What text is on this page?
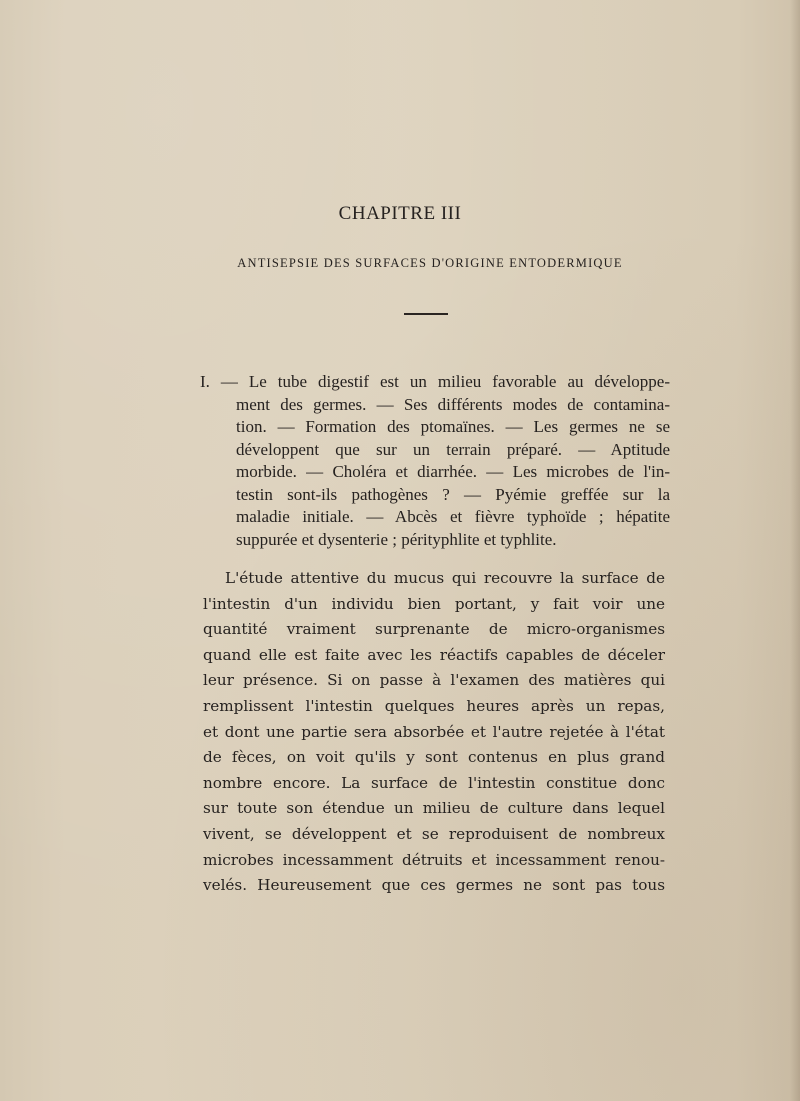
CHAPITRE III
ANTISEPSIE DES SURFACES D'ORIGINE ENTODERMIQUE
I. — Le tube digestif est un milieu favorable au développe-
ment des germes. — Ses différents modes de contamina-
tion. — Formation des ptomaïnes. — Les germes ne se
développent que sur un terrain préparé. — Aptitude
morbide. — Choléra et diarrhée. — Les microbes de l'in-
testin sont-ils pathogènes ? — Pyémie greffée sur la
maladie initiale. — Abcès et fièvre typhoïde ; hépatite
suppurée et dysenterie ; pérityphlite et typhlite.
L'étude attentive du mucus qui recouvre la surface de
l'intestin d'un individu bien portant, y fait voir une
quantité vraiment surprenante de micro-organismes
quand elle est faite avec les réactifs capables de déceler
leur présence. Si on passe à l'examen des matières qui
remplissent l'intestin quelques heures après un repas,
et dont une partie sera absorbée et l'autre rejetée à l'état
de fèces, on voit qu'ils y sont contenus en plus grand
nombre encore. La surface de l'intestin constitue donc
sur toute son étendue un milieu de culture dans lequel
vivent, se développent et se reproduisent de nombreux
microbes incessamment détruits et incessamment renou-
velés. Heureusement que ces germes ne sont pas tous
